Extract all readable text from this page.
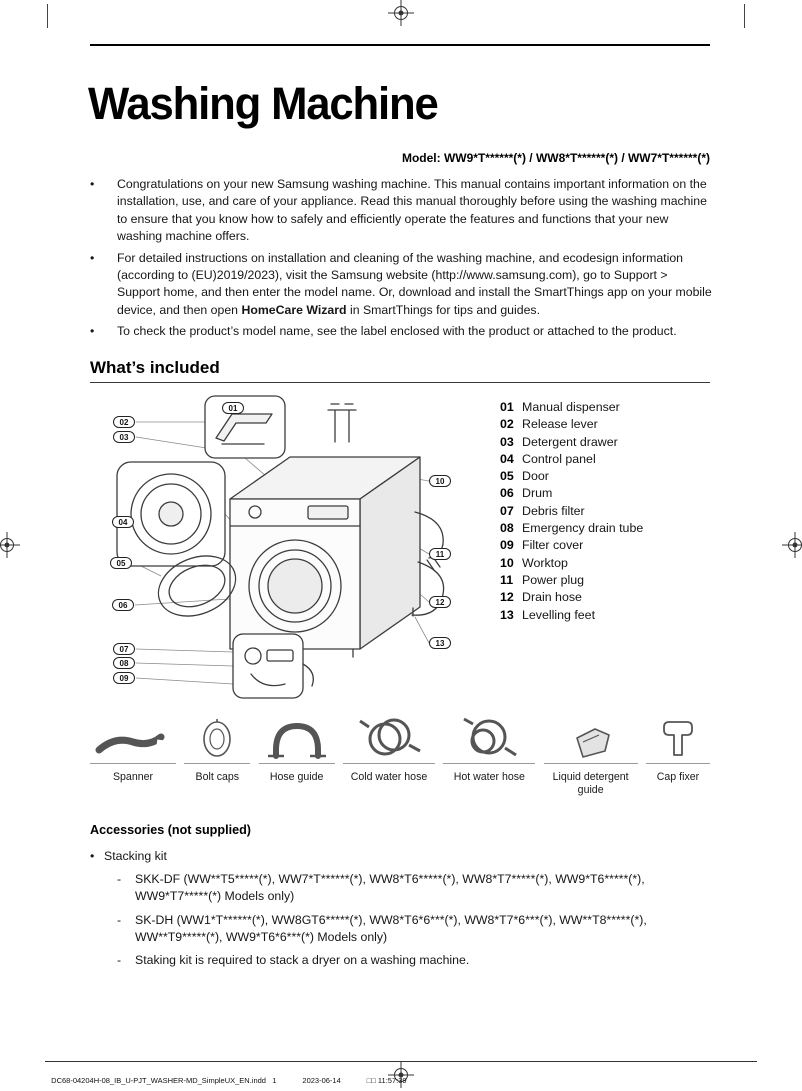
Washing Machine
Model: WW9*T******(*) / WW8*T******(*) / WW7*T******(*)
•	Congratulations on your new Samsung washing machine. This manual contains important information on the installation, use, and care of your appliance. Read this manual thoroughly before using the washing machine to ensure that you know how to safely and efficiently operate the features and functions that your new washing machine offers.
•	For detailed instructions on installation and cleaning of the washing machine, and ecodesign information (according to (EU)2019/2023), visit the Samsung website (http://www.samsung.com), go to Support > Support home, and then enter the model name. Or, download and install the SmartThings app on your mobile device, and then open HomeCare Wizard in SmartThings for tips and guides.
•	To check the product’s model name, see the label enclosed with the product or attached to the product.
What’s included
01
02
03
04
05
06
07
08
09
10
11
12
13
01 Manual dispenser
02 Release lever
03 Detergent drawer
04 Control panel
05 Door
06 Drum
07 Debris filter
08 Emergency drain tube
09 Filter cover
10 Worktop
11 Power plug
12 Drain hose
13 Levelling feet
Spanner	Bolt caps	Hose guide	Cold water hose Hot water hose	Liquid detergent guide
Cap fixer
Accessories (not supplied)
• Stacking kit
-	SKK-DF (WW**T5*****(*), WW7*T******(*), WW8*T6*****(*), WW8*T7*****(*), WW9*T6*****(*), WW9*T7*****(*) Models only)
-	SK-DH (WW1*T******(*), WW8GT6*****(*), WW8*T6*6***(*), WW8*T7*6***(*), WW**T8*****(*), WW**T9*****(*), WW9*T6*6***(*) Models only)
-	Staking kit is required to stack a dryer on a washing machine.

DC68-04204H-08_IB_U-PJT_WASHER-MD_SimpleUX_EN.indd   1	2023-06-14	□□ 11:57:39
